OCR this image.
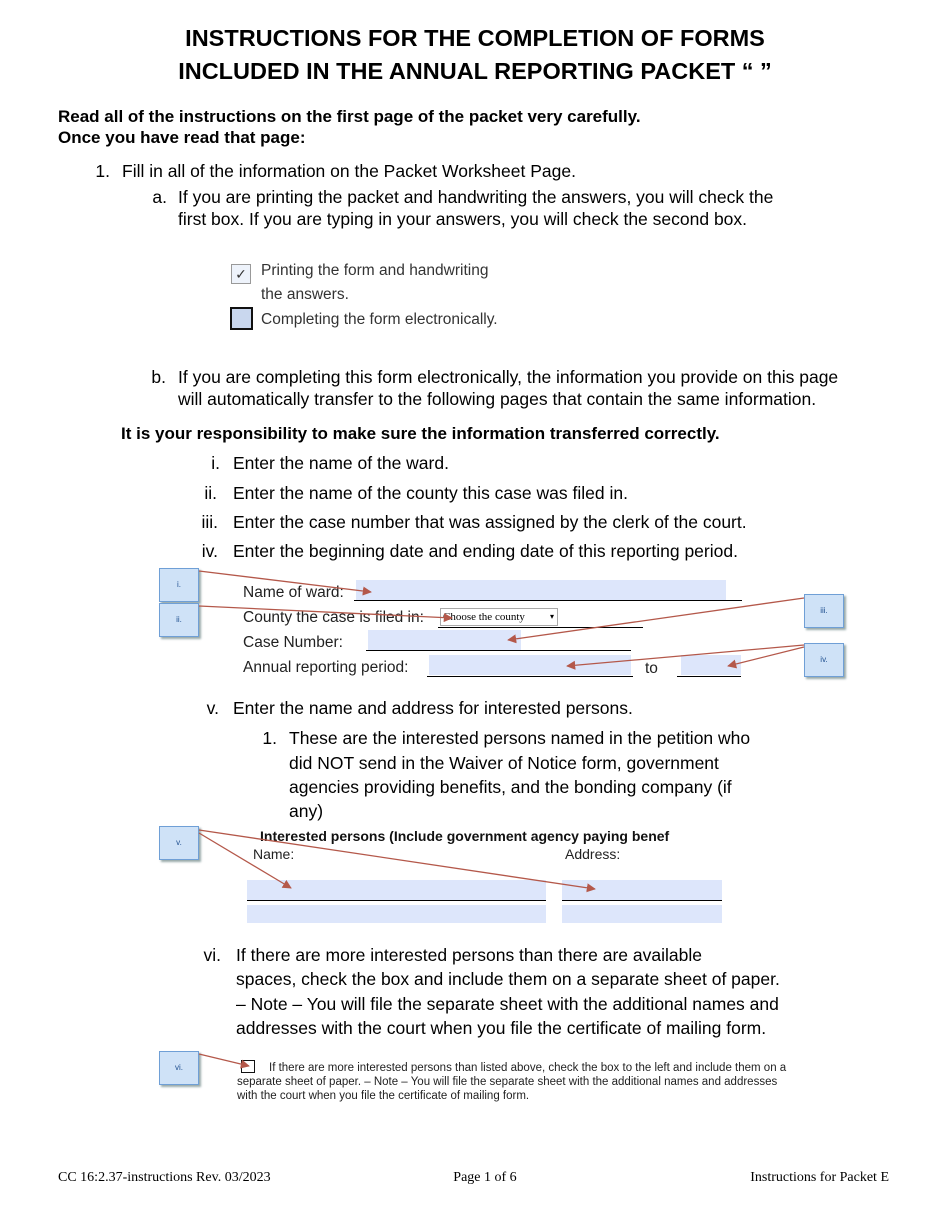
INSTRUCTIONS FOR THE COMPLETION OF FORMS
INCLUDED IN THE ANNUAL REPORTING PACKET “ ”
Read all of the instructions on the first page of the packet very carefully.
Once you have read that page:
1. Fill in all of the information on the Packet Worksheet Page.
a. If you are printing the packet and handwriting the answers, you will check the
first box. If you are typing in your answers, you will check the second box.
✓ Printing the form and handwriting
the answers.
Completing the form electronically.
b. If you are completing this form electronically, the information you provide on this page
will automatically transfer to the following pages that contain the same information.
It is your responsibility to make sure the information transferred correctly.
i. Enter the name of the ward.
ii. Enter the name of the county this case was filed in.
iii. Enter the case number that was assigned by the clerk of the court.
iv. Enter the beginning date and ending date of this reporting period.
Name of ward:
County the case is filed in: Choose the county	▾
Case Number:
Annual reporting period:	to
i.
ii.
iii.
iv.
v. Enter the name and address for interested persons.
1. These are the interested persons named in the petition who
did NOT send in the Waiver of Notice form, government
agencies providing benefits, and the bonding company (if
any)
Interested persons (Include government agency paying benef
Name:	Address:
v.
vi. If there are more interested persons than there are available
spaces, check the box and include them on a separate sheet of paper.
– Note – You will file the separate sheet with the additional names and
addresses with the court when you file the certificate of mailing form.
If there are more interested persons than listed above, check the box to the left and include them on a
separate sheet of paper. – Note – You will file the separate sheet with the additional names and addresses
with the court when you file the certificate of mailing form.
vi.
CC 16:2.37-instructions Rev. 03/2023	Page 1 of 6	Instructions for Packet E
